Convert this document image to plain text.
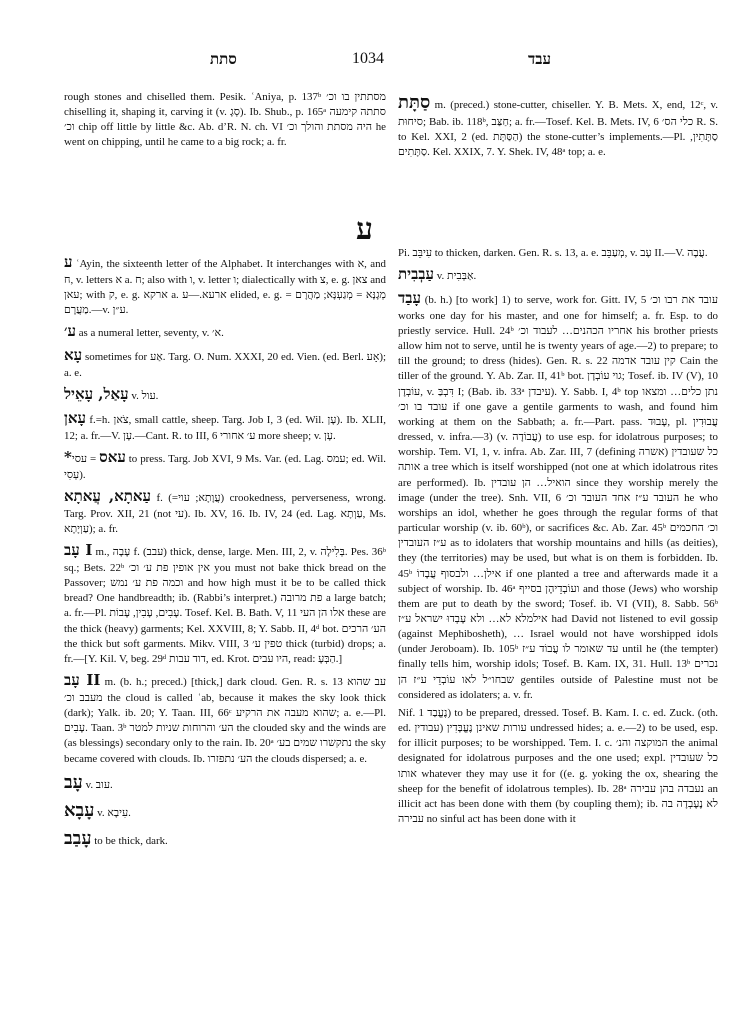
סתת	1034	עבד

rough stones and chiselled them. Pesik. ʿAniya, p. 137ᵇ מסתתין בו וכ׳ chiselling it, shaping it, carving it (v. סְגָ). Ib. Shub., p. 165ᵃ סתתה קימעה וכ׳ chip off little by little &c. Ab. d’R. N. ch. VI היה מסתת והולך וכ׳ he went on chipping, until he came to a big rock; a. fr.

סַתָּת m. (preced.) stone-cutter, chiseller. Y. B. Mets. X, end, 12ᶜ, v. סיחוּת; Bab. ib. 118ᵇ, חַצַּב; a. fr.—Tosef. Kel. B. Mets. IV, 6 כלי הס׳ R. S. to Kel. XXI, 2 (ed. הַסַּתָּת) the stone-cutter’s implements.—Pl. סַתָּתִין, סַתָּתִים. Kel. XXIX, 7. Y. Shek. IV, 48ᵃ top; a. e.

ע

ע ʿAyin, the sixteenth letter of the Alphabet. It interchanges with א, and ח, v. letters א a. ח; also with ו, v. letter ו; dialectically with צ, e. g. צאן and עאן; with ק, e. g. ארקא a. ארעא.—ע elided, e. g. מְגָנָּא = מְגַעְנָּא; מַהֲרָם = מַעֲרָם.—v. ע״ן.

ע׳ as a numeral letter, seventy, v. א׳.

עָא sometimes for אַע. Targ. O. Num. XXXI, 20 ed. Vien. (ed. Berl. אָע); a. e.

עָאַל, עָאֵיל v. עול.

עָאן f.=h. צֹאן, small cattle, sheep. Targ. Job I, 3 (ed. Wil. עָן). Ib. XLII, 12; a. fr.—V. עָן.—Cant. R. to III, 6 ע׳ אחורי more sheep; v. עָן.

*עאס = עסי to press. Targ. Job XVI, 9 Ms. Var. (ed. Lag. עמס; ed. Wil. עְסִי).

עַאתָא, עֲאתָא f. (=עֲוָתָא; עוי) crookedness, perverseness, wrong. Targ. Prov. XII, 21 (not עי). Ib. XV, 16. Ib. IV, 24 (ed. Lag. עַוְתָא, Ms. עַוְיָתָא); a. fr.

עָב I m., עָבָה f. (עבב) thick, dense, large. Men. III, 2, v. בְּלִילָה. Pes. 36ᵇ sq.; Bets. 22ᵇ אין אופין פת ע׳ וכ׳ you must not bake thick bread on the Passover; וכמה פת ע׳ נמש and how high must it be to be called thick bread? One handbreadth; ib. (Rabbi’s interpret.) פת מרובה a large batch; a. fr.—Pl. עָבִים, עָבִין, עָבוֹת. Tosef. Kel. B. Bath. V, 11 אלו הן העי these are the thick (heavy) garments; Kel. XXVIII, 8; Y. Sabb. II, 4ᵈ bot. הע׳ הרכים the thick but soft garments. Mikv. VIII, 3 טפין ע׳ thick (turbid) drops; a. fr.—[Y. Kil. V, beg. 29ᵈ דוד עבות, ed. Krot. היו עבים, read: הַבְּעָ.]

עָב II m. (b. h.; preced.) [thick,] dark cloud. Gen. R. s. 13 עב שהוא מעבב וכ׳ the cloud is called ʿab, because it makes the sky look thick (dark); Yalk. ib. 20; Y. Taan. III, 66ᶜ שהוא מעבה את הרקיע; a. e.—Pl. עָבִים. Taan. 3ᵇ הע׳ והרוחות שניות למטר the clouded sky and the winds are (as blessings) secondary only to the rain. Ib. 20ᵃ נתקשרו שמים בע׳ the sky became covered with clouds. Ib. הע׳ נתפזרו the clouds dispersed; a. e.

עָב v. עוב.

עָבָא v. עִיבָא.

עָבַב to be thick, dark.

Pi. עִיבֵּב to thicken, darken. Gen. R. s. 13, a. e. מְעַבֵּב, v. עָב II.—V. עֲבָה.

עַבְבִית v. אַבְּבִית.

עָבַד (b. h.) [to work] 1) to serve, work for. Gitt. IV, 5 עובד את רבו וכ׳ works one day for his master, and one for himself; a. fr. Esp. to do priestly service. Hull. 24ᵇ אחריו הכהנים… לעבוד וכ׳ his brother priests allow him not to serve, until he is twenty years of age.—2) to prepare; to till the ground; to dress (hides). Gen. R. s. 22 קין עובד אדמה Cain the tiller of the ground. Y. Ab. Zar. II, 41ᵇ bot. גוי עוֹבְדָן; Tosef. ib. IV (V), 10 עוֹבְדָן, v. דִּבְבַּ I; (Bab. ib. 33ᵃ עיבדן). Y. Sabb. I, 4ᵇ top נתן כלים… ומצאו עובד בו וכ׳ if one gave a gentile garments to wash, and found him working at them on the Sabbath; a. fr.—Part. pass. עָבוּד, pl. עֲבוּדִין dressed, v. infra.—3) (v. עֲבוֹדָה) to use esp. for idolatrous purposes; to worship. Tem. VI, 1, v. infra. Ab. Zar. III, 7 (defining אשרה) כל שעובדין אותה a tree which is itself worshipped (not one at which idolatrous rites are performed). Ib. הואיל… הן עובדין since they worship merely the image (under the tree). Snh. VII, 6 העובד ע״ז אחד העובד וכ׳ he who worships an idol, whether he goes through the regular forms of that particular worship (v. ib. 60ᵇ), or sacrifices &c. Ab. Zar. 45ᵇ וכ׳ החכמים ע״ז העובדין as to idolaters that worship mountains and hills (as deities), they (the territories) may be used, but what is on them is forbidden. Ib. 45ᵇ אילן… ולבסוף עֲבָדוֹ if one planted a tree and afterwards made it a subject of worship. Ib. 46ᵃ ועוֹבְדֵיהֶן בסייף and those (Jews) who worship them are put to death by the sword; Tosef. ib. VI (VII), 8. Sabb. 56ᵇ אילמלא לא… ולא עָבְדוּ ישראל ע״ז had David not listened to evil gossip (against Mephibosheth), … Israel would not have worshipped idols (under Jeroboam). Ib. 105ᵇ עד שאומר לו עֲבוֹד ע״ז until he (the tempter) finally tells him, worship idols; Tosef. B. Kam. IX, 31. Hull. 13ᵇ נכרים שבחו״ל לאו עוֹבְדֵי ע״ז הן gentiles outside of Palestine must not be considered as idolaters; a. v. fr.

Nif. נֶעֱבַד 1) to be prepared, dressed. Tosef. B. Kam. I. c. ed. Zuck. (oth. ed. עבודין) עורות שאינן נֶעֱבָּדִין undressed hides; a. e.—2) to be used, esp. for illicit purposes; to be worshipped. Tem. I. c. המוקצה והנ׳ the animal designated for idolatrous purposes and the one used; expl. כל שעובדין אותו whatever they may use it for ((e. g. yoking the ox, shearing the sheep for the benefit of idolatrous temples). Ib. 28ᵃ נעבדה בהן עבירה an illicit act has been done with them (by coupling them); ib. לא נֶעֶבְדָה בה עבירה no sinful act has been done with it
